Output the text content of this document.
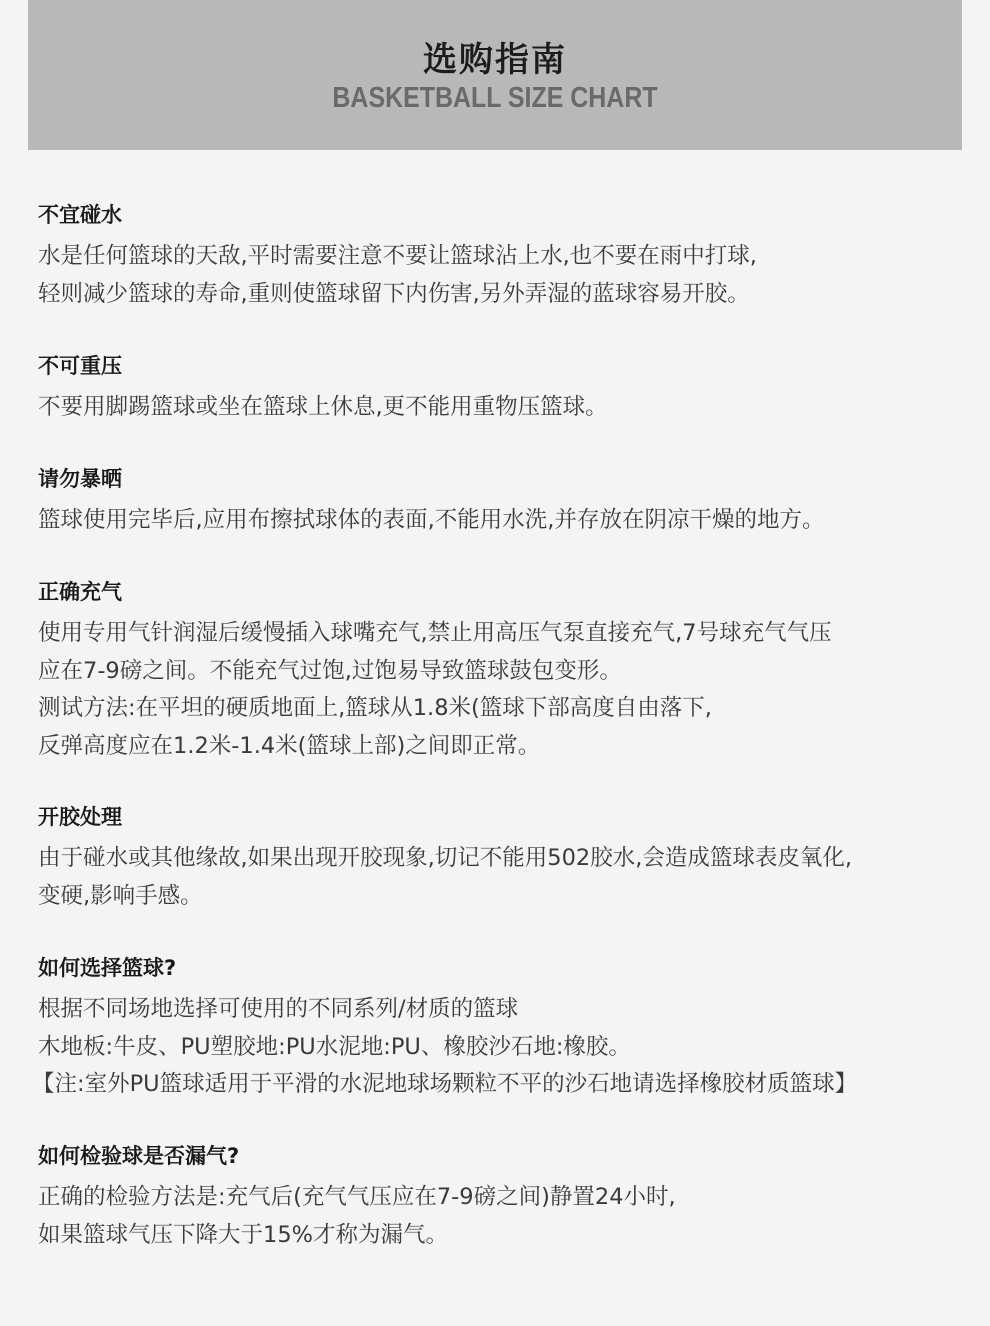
选购指南
BASKETBALL SIZE CHART
不宜碰水
水是任何篮球的天敌,平时需要注意不要让篮球沾上水,也不要在雨中打球,
轻则减少篮球的寿命,重则使篮球留下内伤害,另外弄湿的蓝球容易开胶。
不可重压
不要用脚踢篮球或坐在篮球上休息,更不能用重物压篮球。
请勿暴晒
篮球使用完毕后,应用布擦拭球体的表面,不能用水洗,并存放在阴凉干燥的地方。
正确充气
使用专用气针润湿后缓慢插入球嘴充气,禁止用高压气泵直接充气,7号球充气气压
应在7-9磅之间。不能充气过饱,过饱易导致篮球鼓包变形。
测试方法:在平坦的硬质地面上,篮球从1.8米(篮球下部高度自由落下,
反弹高度应在1.2米-1.4米(篮球上部)之间即正常。
开胶处理
由于碰水或其他缘故,如果出现开胶现象,切记不能用502胶水,会造成篮球表皮氧化,
变硬,影响手感。
如何选择篮球?
根据不同场地选择可使用的不同系列/材质的篮球
木地板:牛皮、PU塑胶地:PU水泥地:PU、橡胶沙石地:橡胶。
【注:室外PU篮球适用于平滑的水泥地球场颗粒不平的沙石地请选择橡胶材质篮球】
如何检验球是否漏气?
正确的检验方法是:充气后(充气气压应在7-9磅之间)静置24小时,
如果篮球气压下降大于15%才称为漏气。
